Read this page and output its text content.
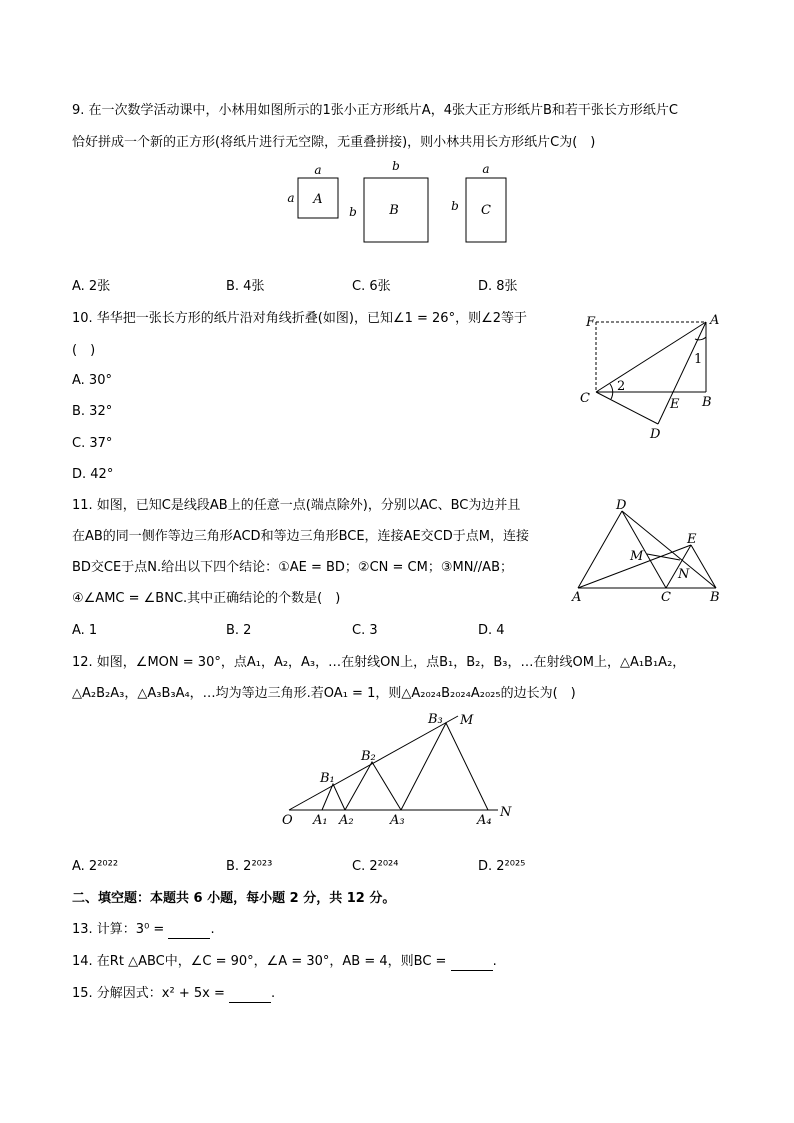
9. 在一次数学活动课中，小林用如图所示的1张小正方形纸片A，4张大正方形纸片B和若干张长方形纸片C
恰好拼成一个新的正方形(将纸片进行无空隙，无重叠拼接)，则小林共用长方形纸片C为(　)
a
a A
b
b B
a
b C
A. 2张	B. 4张	C. 6张	D. 8张
10. 华华把一张长方形的纸片沿对角线折叠(如图)，已知∠1 = 26°，则∠2等于
(　)
A. 30°
B. 32°
C. 37°
D. 42°
F	A
1
2
C	E B
D
11. 如图，已知C是线段AB上的任意一点(端点除外)，分别以AC、BC为边并且
在AB的同一侧作等边三角形ACD和等边三角形BCE，连接AE交CD于点M，连接
BD交CE于点N.给出以下四个结论：①AE = BD；②CN = CM；③MN//AB；
④∠AMC = ∠BNC.其中正确结论的个数是(　)
D
E
M
N
A	C	B
A. 1	B. 2	C. 3	D. 4
12. 如图，∠MON = 30°，点A₁，A₂，A₃，…在射线ON上，点B₁，B₂，B₃，…在射线OM上，△A₁B₁A₂，
△A₂B₂A₃，△A₃B₃A₄，…均为等边三角形.若OA₁ = 1，则△A₂₀₂₄B₂₀₂₄A₂₀₂₅的边长为(　)
B₃ M
B₂
B₁
O A₁ A₂	A₃	A₄
N
A. 2²⁰²²	B. 2²⁰²³	C. 2²⁰²⁴	D. 2²⁰²⁵
二、填空题：本题共 6 小题，每小题 2 分，共 12 分。
13. 计算：3⁰ =	.
14. 在Rt △ABC中，∠C = 90°，∠A = 30°，AB = 4，则BC =	.
15. 分解因式：x² + 5x =	.
